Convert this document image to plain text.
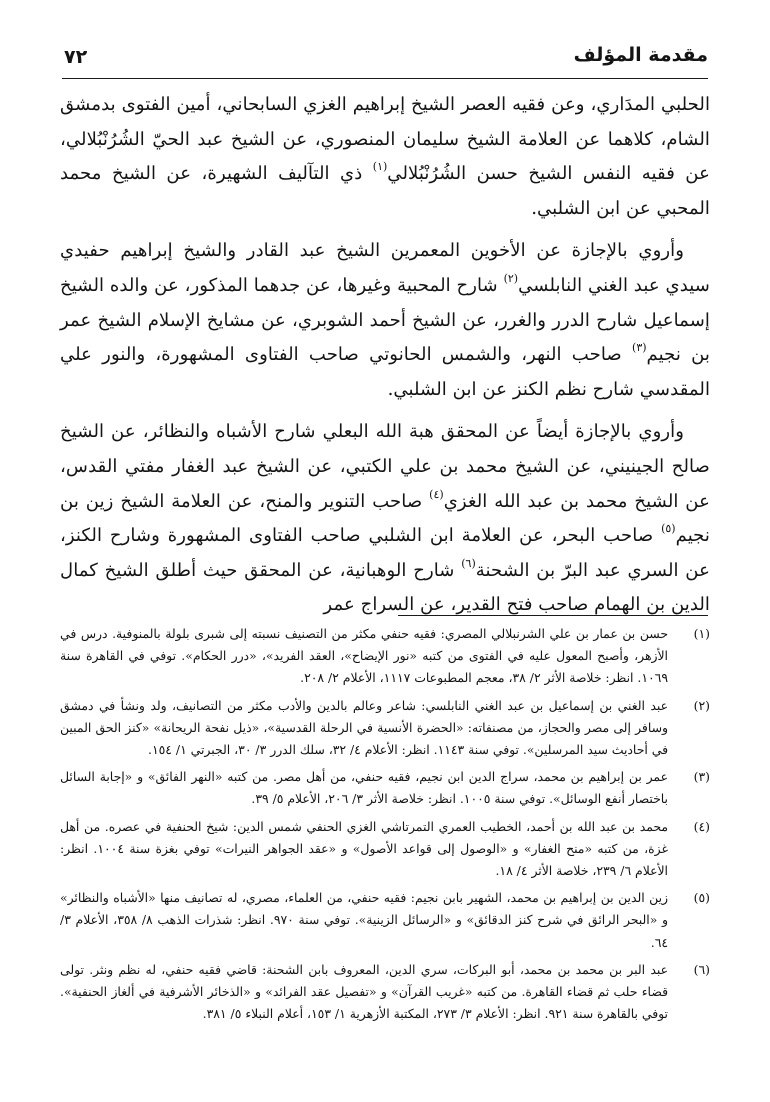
مقدمة المؤلف
٧٢

الحلبي المدَاري، وعن فقيه العصر الشيخ إبراهيم الغزي السابحاني، أمين الفتوى بدمشق الشام، كلاهما عن العلامة الشيخ سليمان المنصوري، عن الشيخ عبد الحيّ الشُرُنْبُلالي، عن فقيه النفس الشيخ حسن الشُرُنْبُلالي$^{(١)}$ ذي التآليف الشهيرة، عن الشيخ محمد المحبي عن ابن الشلبي.

وأروي بالإجازة عن الأخوين المعمرين الشيخ عبد القادر والشيخ إبراهيم حفيدي سيدي عبد الغني النابلسي$^{(٢)}$ شارح المحبية وغيرها، عن جدهما المذكور، عن والده الشيخ إسماعيل شارح الدرر والغرر، عن الشيخ أحمد الشوبري، عن مشايخ الإسلام الشيخ عمر بن نجيم$^{(٣)}$ صاحب النهر، والشمس الحانوتي صاحب الفتاوى المشهورة، والنور علي المقدسي شارح نظم الكنز عن ابن الشلبي.

وأروي بالإجازة أيضاً عن المحقق هبة الله البعلي شارح الأشباه والنظائر، عن الشيخ صالح الجينيني، عن الشيخ محمد بن علي الكتبي، عن الشيخ عبد الغفار مفتي القدس، عن الشيخ محمد بن عبد الله الغزي$^{(٤)}$ صاحب التنوير والمنح، عن العلامة الشيخ زين بن نجيم$^{(٥)}$ صاحب البحر، عن العلامة ابن الشلبي صاحب الفتاوى المشهورة وشارح الكنز، عن السري عبد البرّ بن الشحنة$^{(٦)}$ شارح الوهبانية، عن المحقق حيث أطلق الشيخ كمال الدين بن الهمام صاحب فتح القدير، عن السراج عمر

(١)
حسن بن عمار بن علي الشرنبلالي المصري: فقيه حنفي مكثر من التصنيف نسبته إلى شبرى بلولة بالمنوفية. درس في الأزهر، وأصبح المعول عليه في الفتوى من كتبه «نور الإيضاح»، العقد الفريد»، «درر الحكام». توفي في القاهرة سنة ١٠٦٩. انظر: خلاصة الأثر ٢/ ٣٨، معجم المطبوعات ١١١٧، الأعلام ٢/ ٢٠٨.
(٢)
عبد الغني بن إسماعيل بن عبد الغني النابلسي: شاعر وعالم بالدين والأدب مكثر من التصانيف، ولد ونشأ في دمشق وسافر إلى مصر والحجاز، من مصنفاته: «الحضرة الأنسية في الرحلة القدسية»، «ذيل نفحة الريحانة» «كنز الحق المبين في أحاديث سيد المرسلين». توفي سنة ١١٤٣. انظر: الأعلام ٤/ ٣٢، سلك الدرر ٣/ ٣٠، الجبرتي ١/ ١٥٤.
(٣)
عمر بن إبراهيم بن محمد، سراج الدين ابن نجيم، فقيه حنفي، من أهل مصر. من كتبه «النهر الفائق» و «إجابة السائل باختصار أنفع الوسائل». توفي سنة ١٠٠٥. انظر: خلاصة الأثر ٣/ ٢٠٦، الأعلام ٥/ ٣٩.
(٤)
محمد بن عبد الله بن أحمد، الخطيب العمري التمرتاشي الغزي الحنفي شمس الدين: شيخ الحنفية في عصره. من أهل غزة، من كتبه «منح الغفار» و «الوصول إلى قواعد الأصول» و «عقد الجواهر النيرات» توفي بغزة سنة ١٠٠٤. انظر: الأعلام ٦/ ٢٣٩، خلاصة الأثر ٤/ ١٨.
(٥)
زين الدين بن إبراهيم بن محمد، الشهير بابن نجيم: فقيه حنفي، من العلماء، مصري، له تصانيف منها «الأشباه والنظائر» و «البحر الرائق في شرح كنز الدقائق» و «الرسائل الزينية». توفي سنة ٩٧٠. انظر: شذرات الذهب ٨/ ٣٥٨، الأعلام ٣/ ٦٤.
(٦)
عبد البر بن محمد بن محمد، أبو البركات، سري الدين، المعروف بابن الشحنة: قاضي فقيه حنفي، له نظم ونثر. تولى قضاء حلب ثم قضاء القاهرة. من كتبه «غريب القرآن» و «تفصيل عقد الفرائد» و «الذخائر الأشرفية في ألغاز الحنفية». توفي بالقاهرة سنة ٩٢١. انظر: الأعلام ٣/ ٢٧٣، المكتبة الأزهرية ١/ ١٥٣، أعلام النبلاء ٥/ ٣٨١.
